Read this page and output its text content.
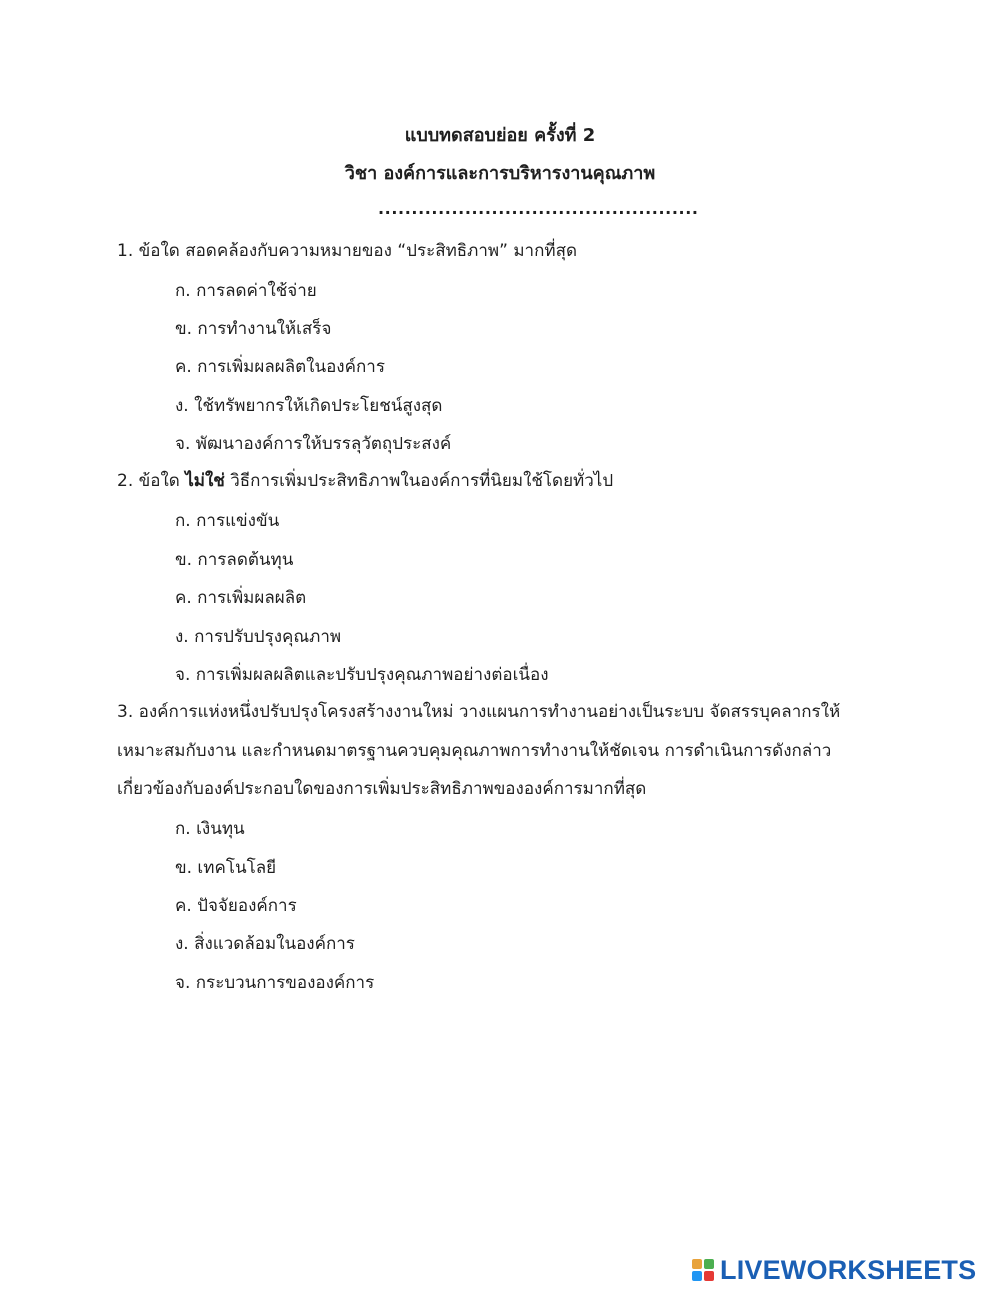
แบบทดสอบย่อย ครั้งที่ 2
วิชา องค์การและการบริหารงานคุณภาพ
................................................
1. ข้อใด สอดคล้องกับความหมายของ “ประสิทธิภาพ” มากที่สุด
ก. การลดค่าใช้จ่าย
ข. การทำงานให้เสร็จ
ค. การเพิ่มผลผลิตในองค์การ
ง. ใช้ทรัพยากรให้เกิดประโยชน์สูงสุด
จ. พัฒนาองค์การให้บรรลุวัตถุประสงค์
2. ข้อใด ไม่ใช่ วิธีการเพิ่มประสิทธิภาพในองค์การที่นิยมใช้โดยทั่วไป
ก. การแข่งขัน
ข. การลดต้นทุน
ค. การเพิ่มผลผลิต
ง. การปรับปรุงคุณภาพ
จ. การเพิ่มผลผลิตและปรับปรุงคุณภาพอย่างต่อเนื่อง
3. องค์การแห่งหนึ่งปรับปรุงโครงสร้างงานใหม่ วางแผนการทำงานอย่างเป็นระบบ จัดสรรบุคลากรให้
เหมาะสมกับงาน และกำหนดมาตรฐานควบคุมคุณภาพการทำงานให้ชัดเจน การดำเนินการดังกล่าว
เกี่ยวข้องกับองค์ประกอบใดของการเพิ่มประสิทธิภาพขององค์การมากที่สุด
ก. เงินทุน
ข. เทคโนโลยี
ค. ปัจจัยองค์การ
ง. สิ่งแวดล้อมในองค์การ
จ. กระบวนการขององค์การ
LIVEWORKSHEETS
